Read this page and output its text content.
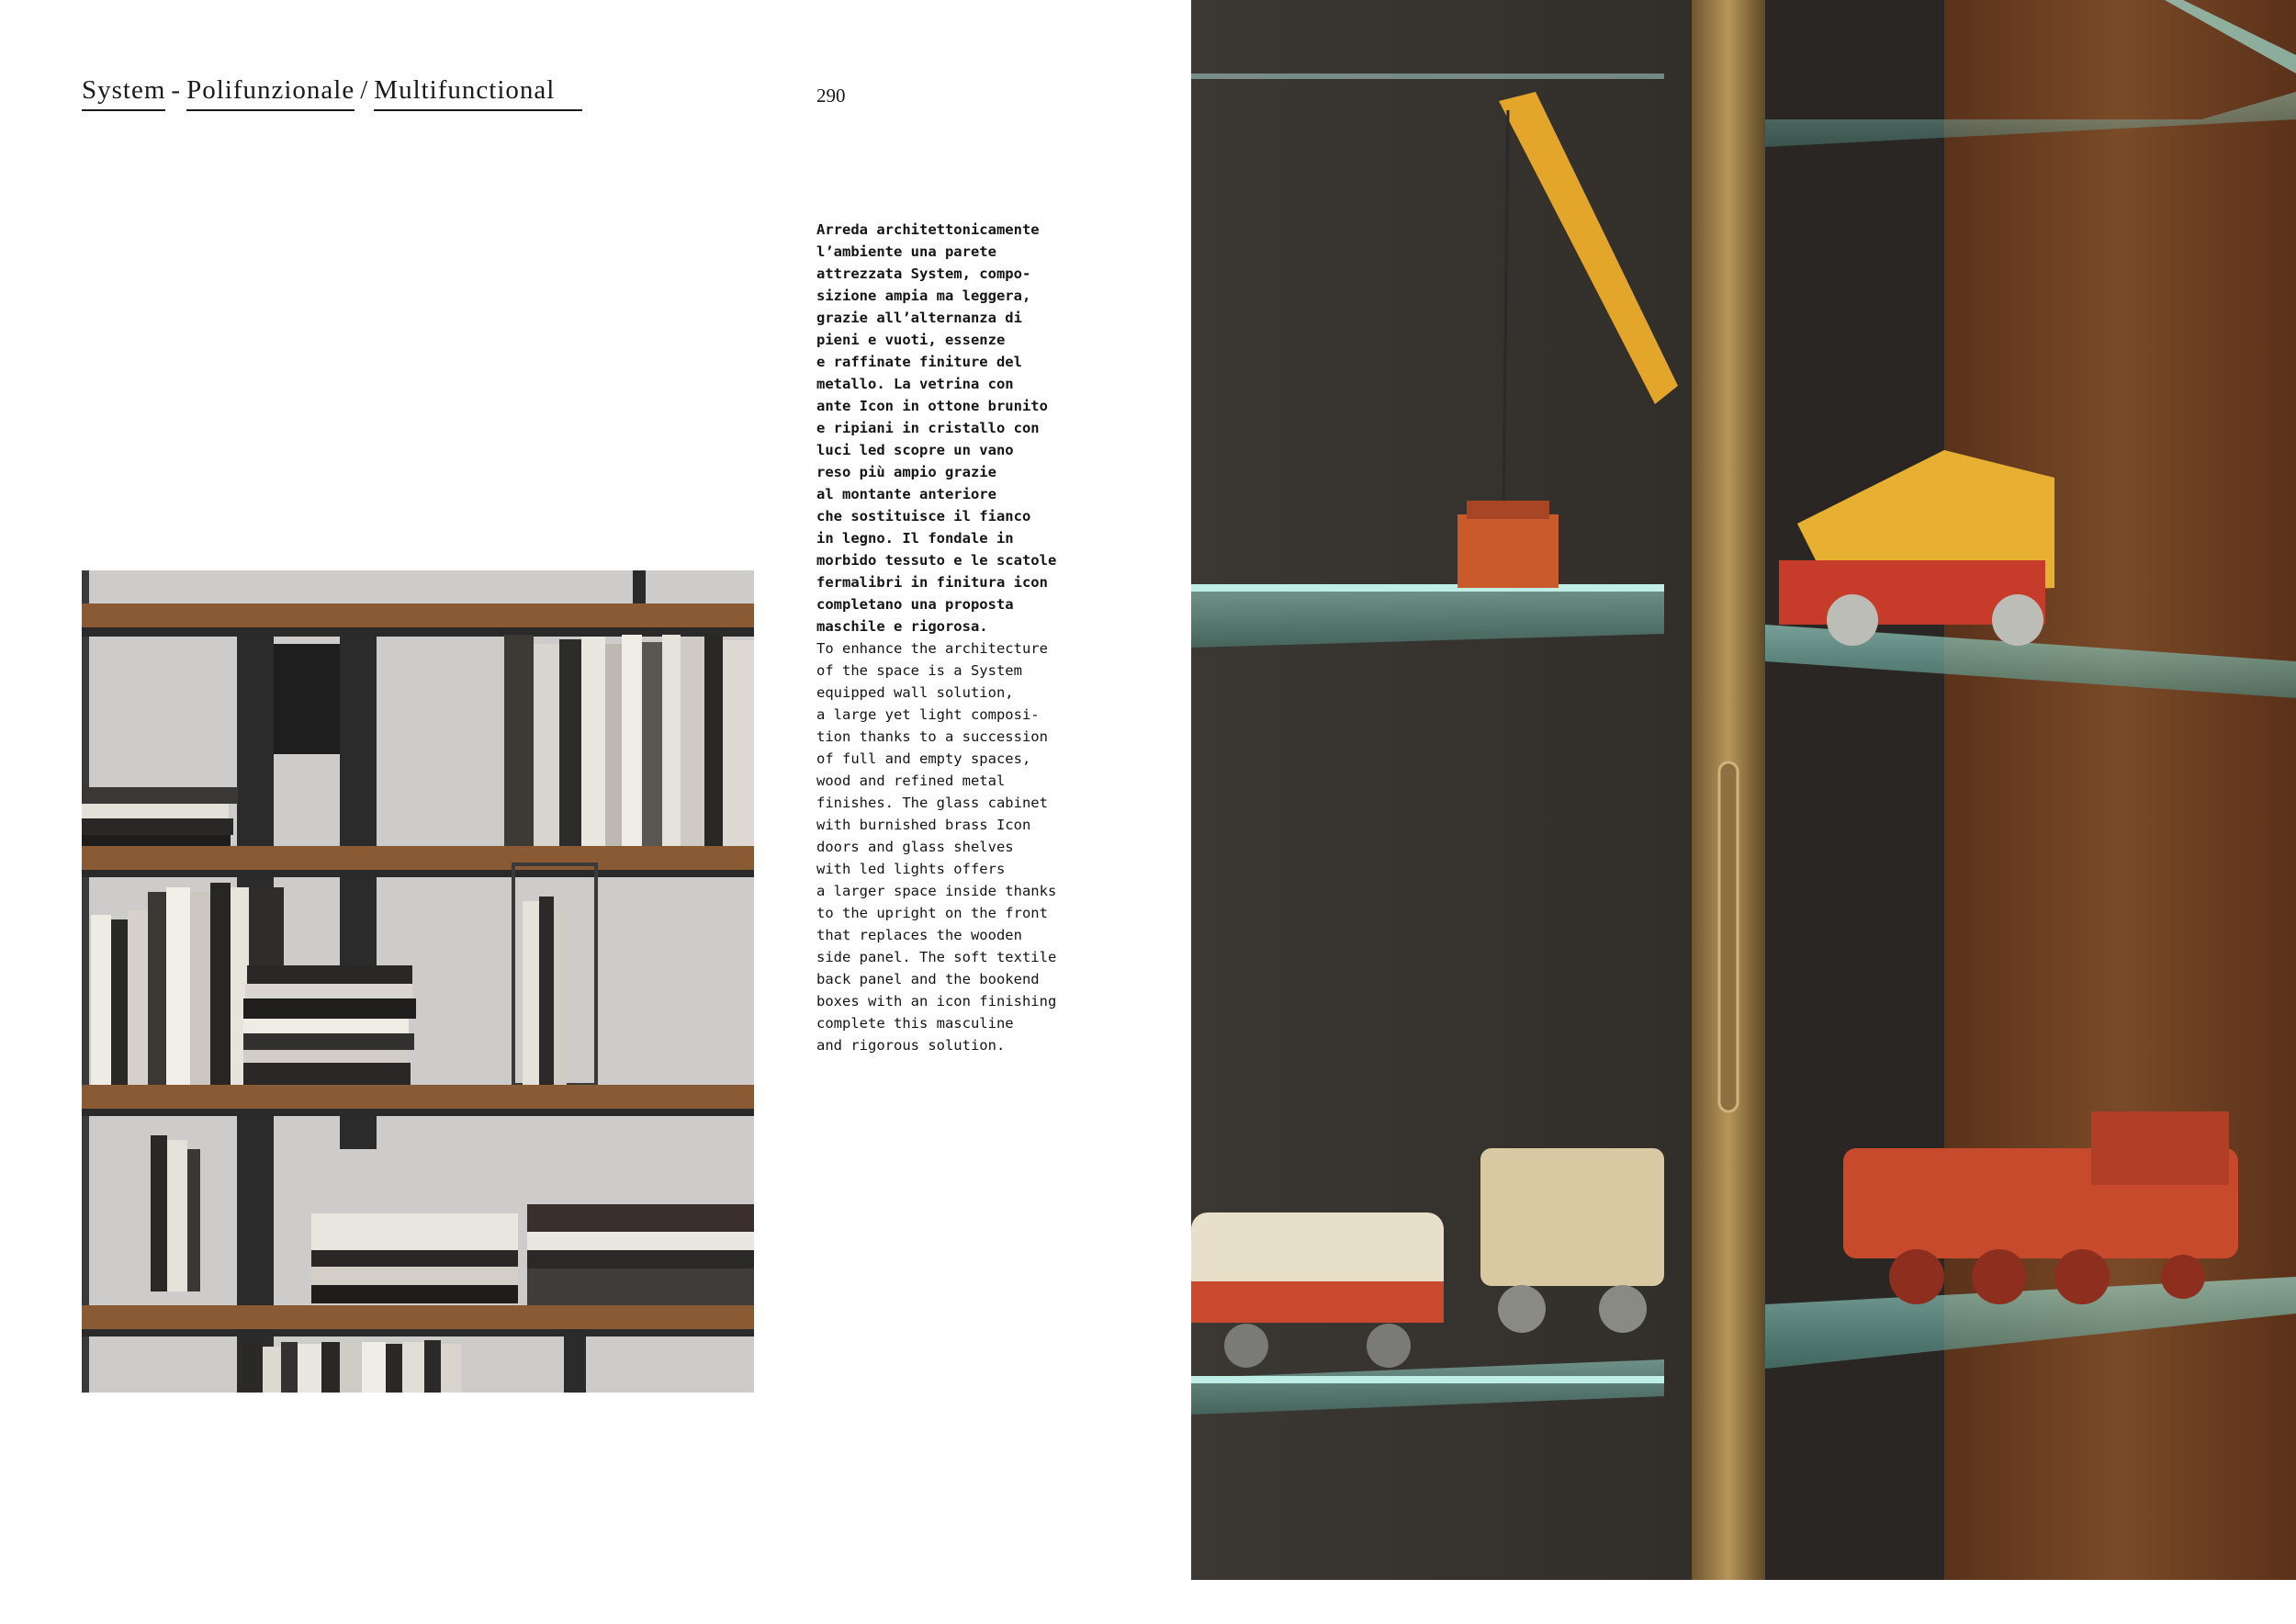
System - Polifunzionale / Multifunctional	290
Arreda architettonicamente
l’ambiente una parete
attrezzata System, compo-
sizione ampia ma leggera,
grazie all’alternanza di
pieni e vuoti, essenze
e raffinate finiture del
metallo. La vetrina con
ante Icon in ottone brunito
e ripiani in cristallo con
luci led scopre un vano
reso più ampio grazie
al montante anteriore
che sostituisce il fianco
in legno. Il fondale in
morbido tessuto e le scatole
fermalibri in finitura icon
completano una proposta
maschile e rigorosa.
To enhance the architecture
of the space is a System
equipped wall solution,
a large yet light composi-
tion thanks to a succession
of full and empty spaces,
wood and refined metal
finishes. The glass cabinet
with burnished brass Icon
doors and glass shelves
with led lights offers
a larger space inside thanks
to the upright on the front
that replaces the wooden
side panel. The soft textile
back panel and the bookend
boxes with an icon finishing
complete this masculine
and rigorous solution.
